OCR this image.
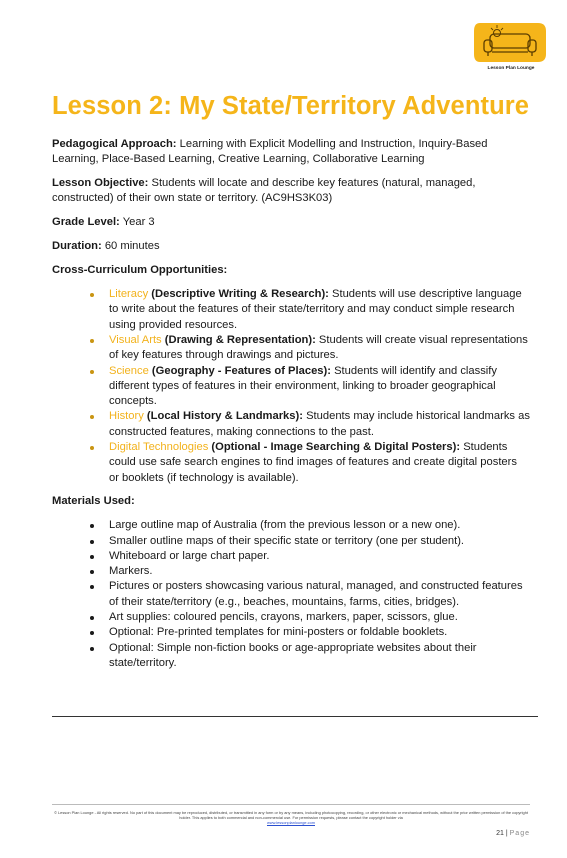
Lesson Plan Lounge
Lesson 2: My State/Territory Adventure

Pedagogical Approach: Learning with Explicit Modelling and Instruction, Inquiry-Based Learning, Place-Based Learning, Creative Learning, Collaborative Learning

Lesson Objective: Students will locate and describe key features (natural, managed, constructed) of their own state or territory. (AC9HS3K03)

Grade Level: Year 3

Duration: 60 minutes

Cross-Curriculum Opportunities:

Literacy (Descriptive Writing & Research): Students will use descriptive language to write about the features of their state/territory and may conduct simple research using provided resources.
Visual Arts (Drawing & Representation): Students will create visual representations of key features through drawings and pictures.
Science (Geography - Features of Places): Students will identify and classify different types of features in their environment, linking to broader geographical concepts.
History (Local History & Landmarks): Students may include historical landmarks as constructed features, making connections to the past.
Digital Technologies (Optional - Image Searching & Digital Posters): Students could use safe search engines to find images of features and create digital posters or booklets (if technology is available).

Materials Used:

Large outline map of Australia (from the previous lesson or a new one).
Smaller outline maps of their specific state or territory (one per student).
Whiteboard or large chart paper.
Markers.
Pictures or posters showcasing various natural, managed, and constructed features of their state/territory (e.g., beaches, mountains, farms, cities, bridges).
Art supplies: coloured pencils, crayons, markers, paper, scissors, glue.
Optional: Pre-printed templates for mini-posters or foldable booklets.
Optional: Simple non-fiction books or age-appropriate websites about their state/territory.
© Lesson Plan Lounge - All rights reserved. No part of this document may be reproduced, distributed, or transmitted in any form or by any means, including photocopying, recording, or other electronic or mechanical methods, without the prior written permission of the copyright holder. This applies to both commercial and non-commercial use. For permission requests, please contact the copyright holder via
www.lessonplanlounge.com
21 | Page
